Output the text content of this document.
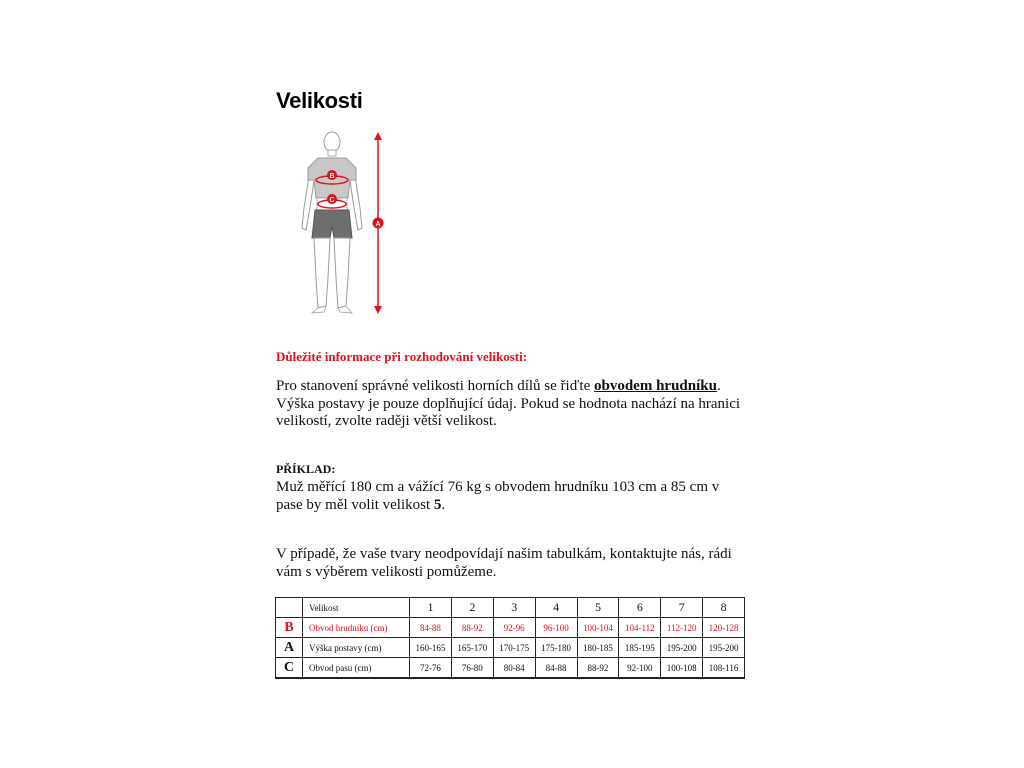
Velikosti
B
C
A
Důležité informace při rozhodování velikosti:
Pro stanovení správné velikosti horních dílů se řiďte obvodem hrudníku. Výška postavy je pouze doplňující údaj. Pokud se hodnota nachází na hranici velikostí, zvolte raději větší velikost.
PŘÍKLAD:
Muž měřící 180 cm a vážící 76 kg s obvodem hrudníku 103 cm a 85 cm v pase by měl volit velikost 5.
V případě, že vaše tvary neodpovídají našim tabulkám, kontaktujte nás, rádi vám s výběrem velikosti pomůžeme.
	Velikost	1	2	3	4	5	6	7	8
B	Obvod hrudníku (cm)	84-88	88-92	92-96	96-100	100-104	104-112	112-120	120-128
A	Výška postavy (cm)	160-165	165-170	170-175	175-180	180-185	185-195	195-200	195-200
C	Obvod pasu (cm)	72-76	76-80	80-84	84-88	88-92	92-100	100-108	108-116
